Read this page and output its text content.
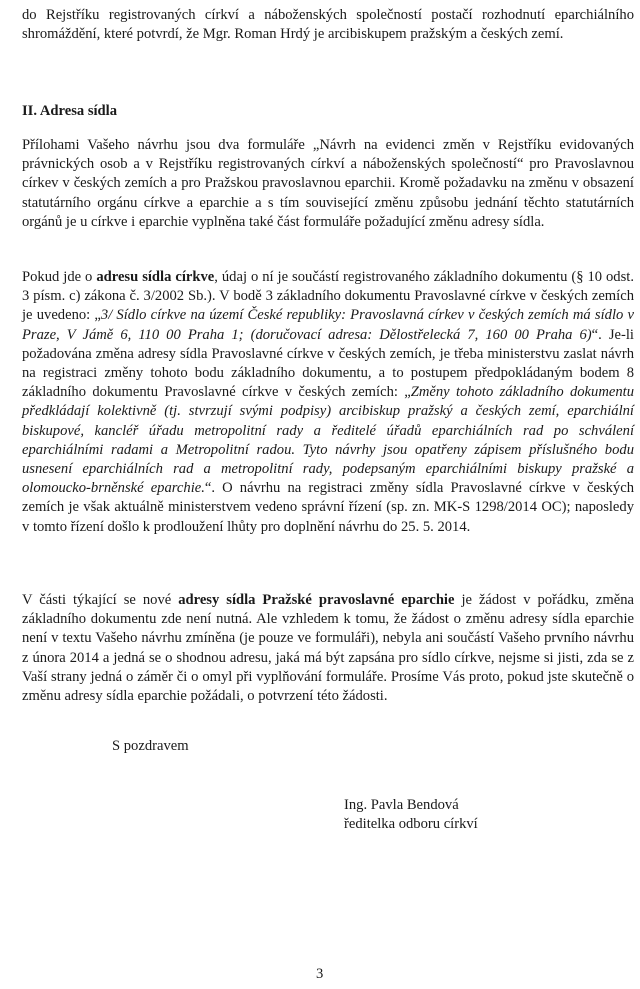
do Rejstříku registrovaných církví a náboženských společností postačí rozhodnutí eparchiálního shromáždění, které potvrdí, že Mgr. Roman Hrdý je arcibiskupem pražským a českých zemí.

II. Adresa sídla

Přílohami Vašeho návrhu jsou dva formuláře „Návrh na evidenci změn v Rejstříku evidovaných právnických osob a v Rejstříku registrovaných církví a náboženských společností“ pro Pravoslavnou církev v českých zemích a pro Pražskou pravoslavnou eparchii. Kromě požadavku na změnu v obsazení statutárního orgánu církve a eparchie a s tím související změnu způsobu jednání těchto statutárních orgánů je u církve i eparchie vyplněna také část formuláře požadující změnu adresy sídla.

Pokud jde o adresu sídla církve, údaj o ní je součástí registrovaného základního dokumentu (§ 10 odst. 3 písm. c) zákona č. 3/2002 Sb.). V bodě 3 základního dokumentu Pravoslavné církve v českých zemích je uvedeno: „3/ Sídlo církve na území České republiky: Pravoslavná církev v českých zemích má sídlo v Praze, V Jámě 6, 110 00 Praha 1; (doručovací adresa: Dělostřelecká 7, 160 00 Praha 6)“. Je-li požadována změna adresy sídla Pravoslavné církve v českých zemích, je třeba ministerstvu zaslat návrh na registraci změny tohoto bodu základního dokumentu, a to postupem předpokládaným bodem 8 základního dokumentu Pravoslavné církve v českých zemích: „Změny tohoto základního dokumentu předkládají kolektivně (tj. stvrzují svými podpisy) arcibiskup pražský a českých zemí, eparchiální biskupové, kancléř úřadu metropolitní rady a ředitelé úřadů eparchiálních rad po schválení eparchiálními radami a Metropolitní radou. Tyto návrhy jsou opatřeny zápisem příslušného bodu usnesení eparchiálních rad a metropolitní rady, podepsaným eparchiálními biskupy pražské a olomoucko-brněnské eparchie.“. O návrhu na registraci změny sídla Pravoslavné církve v českých zemích je však aktuálně ministerstvem vedeno správní řízení (sp. zn. MK-S 1298/2014 OC); naposledy v tomto řízení došlo k prodloužení lhůty pro doplnění návrhu do 25. 5. 2014.

V části týkající se nové adresy sídla Pražské pravoslavné eparchie je žádost v pořádku, změna základního dokumentu zde není nutná. Ale vzhledem k tomu, že žádost o změnu adresy sídla eparchie není v textu Vašeho návrhu zmíněna (je pouze ve formuláři), nebyla ani součástí Vašeho prvního návrhu z února 2014 a jedná se o shodnou adresu, jaká má být zapsána pro sídlo církve, nejsme si jisti, zda se z Vaší strany jedná o záměr či o omyl při vyplňování formuláře. Prosíme Vás proto, pokud jste skutečně o změnu adresy sídla eparchie požádali, o potvrzení této žádosti.

S pozdravem

Ing. Pavla Bendová

ředitelka odboru církví

3
